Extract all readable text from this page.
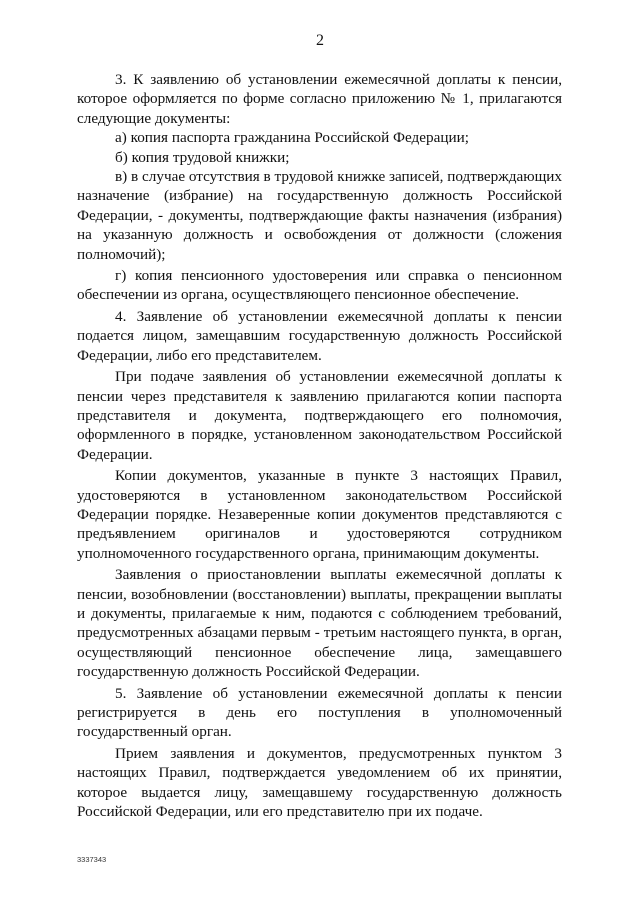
2

3. К заявлению об установлении ежемесячной доплаты к пенсии, которое оформляется по форме согласно приложению № 1, прилагаются следующие документы:

а) копия паспорта гражданина Российской Федерации;

б) копия трудовой книжки;

в) в случае отсутствия в трудовой книжке записей, подтверждающих назначение (избрание) на государственную должность Российской Федерации, - документы, подтверждающие факты назначения (избрания) на указанную должность и освобождения от должности (сложения полномочий);

г) копия пенсионного удостоверения или справка о пенсионном обеспечении из органа, осуществляющего пенсионное обеспечение.

4. Заявление об установлении ежемесячной доплаты к пенсии подается лицом, замещавшим государственную должность Российской Федерации, либо его представителем.

При подаче заявления об установлении ежемесячной доплаты к пенсии через представителя к заявлению прилагаются копии паспорта представителя и документа, подтверждающего его полномочия, оформленного в порядке, установленном законодательством Российской Федерации.

Копии документов, указанные в пункте 3 настоящих Правил, удостоверяются в установленном законодательством Российской Федерации порядке. Незаверенные копии документов представляются с предъявлением оригиналов и удостоверяются сотрудником уполномоченного государственного органа, принимающим документы.

Заявления о приостановлении выплаты ежемесячной доплаты к пенсии, возобновлении (восстановлении) выплаты, прекращении выплаты и документы, прилагаемые к ним, подаются с соблюдением требований, предусмотренных абзацами первым - третьим настоящего пункта, в орган, осуществляющий пенсионное обеспечение лица, замещавшего государственную должность Российской Федерации.

5. Заявление об установлении ежемесячной доплаты к пенсии регистрируется в день его поступления в уполномоченный государственный орган.

Прием заявления и документов, предусмотренных пунктом 3 настоящих Правил, подтверждается уведомлением об их принятии, которое выдается лицу, замещавшему государственную должность Российской Федерации, или его представителю при их подаче.

3337343
